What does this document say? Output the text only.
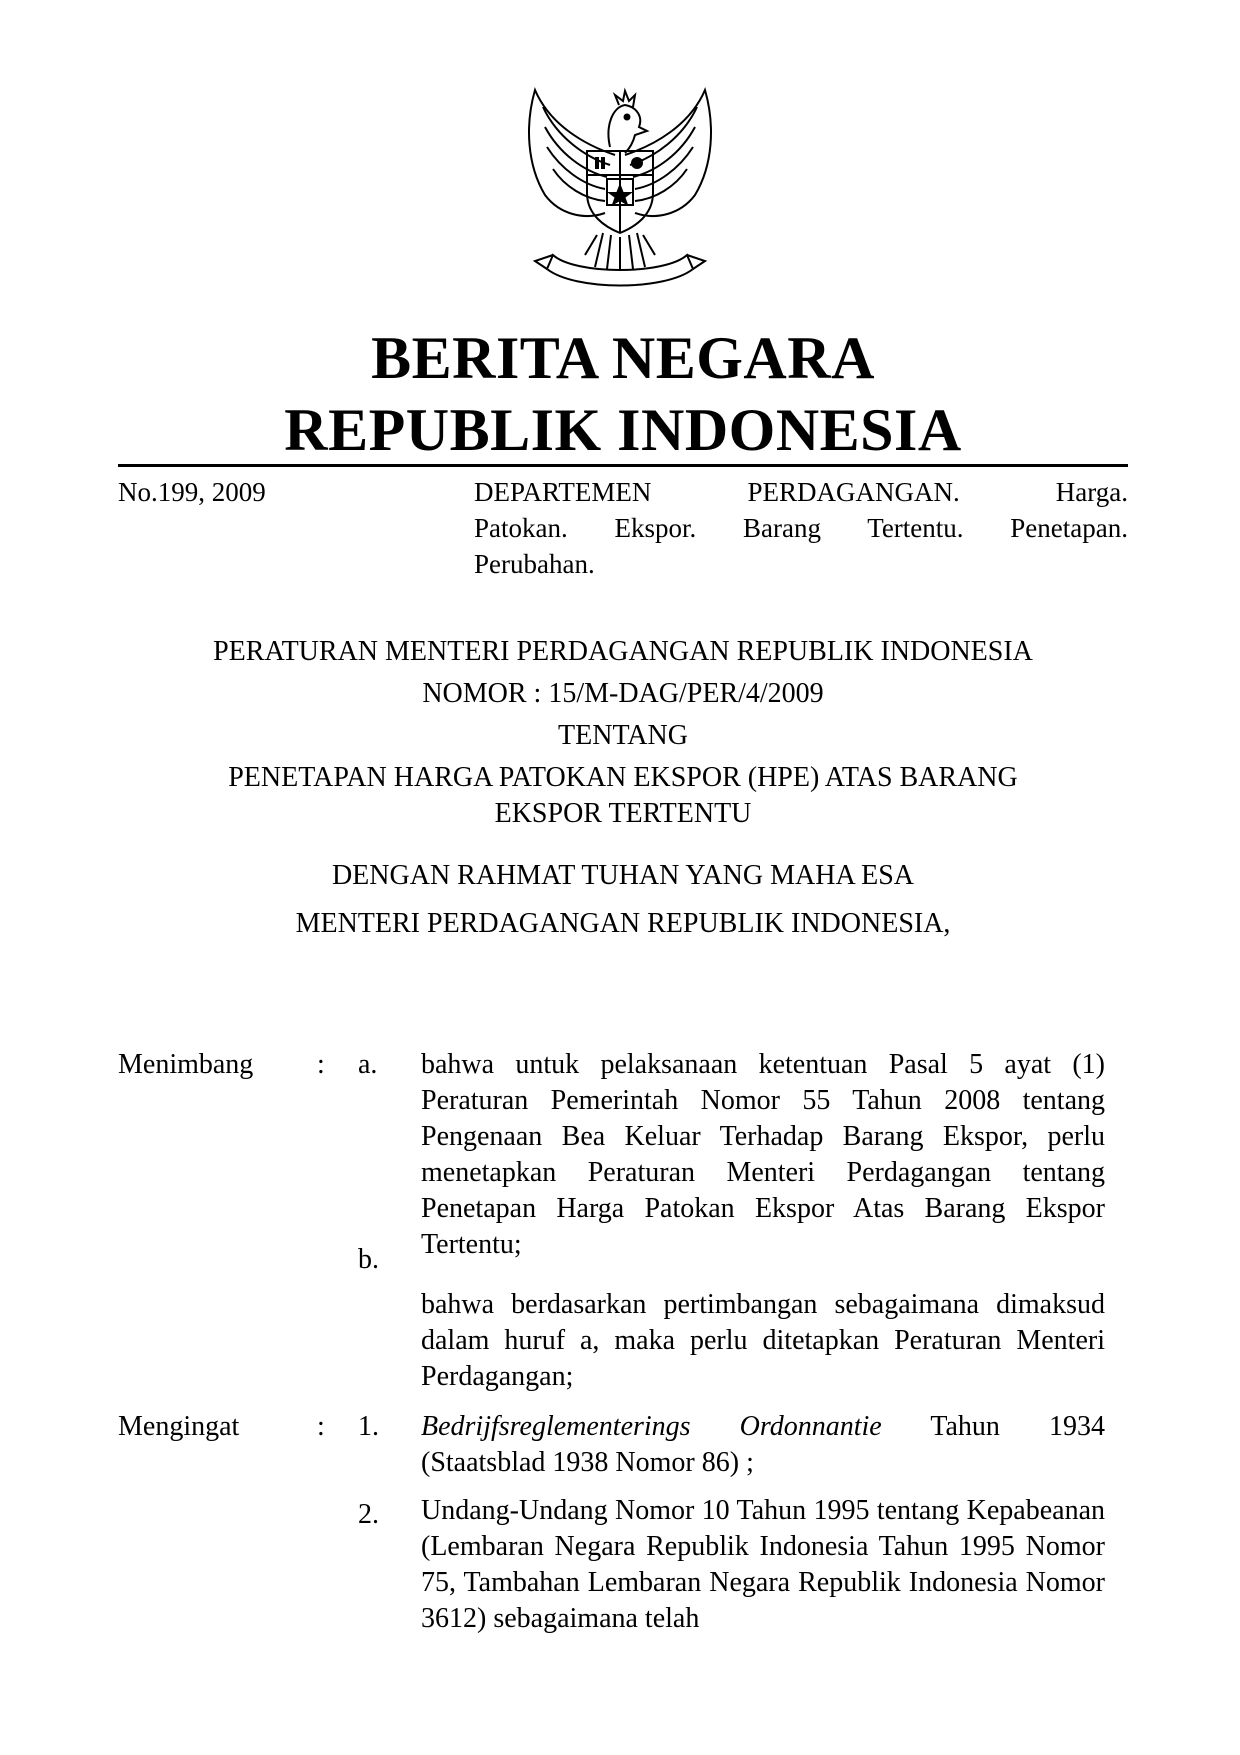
BERITA NEGARA
REPUBLIK INDONESIA
No.199, 2009	DEPARTEMEN PERDAGANGAN. Harga.
Patokan. Ekspor. Barang Tertentu. Penetapan.
Perubahan.
PERATURAN MENTERI PERDAGANGAN REPUBLIK INDONESIA
NOMOR : 15/M-DAG/PER/4/2009
TENTANG
PENETAPAN HARGA PATOKAN EKSPOR (HPE) ATAS BARANG
EKSPOR TERTENTU
DENGAN RAHMAT TUHAN YANG MAHA ESA
MENTERI PERDAGANGAN REPUBLIK INDONESIA,
Menimbang : a. bahwa untuk pelaksanaan ketentuan Pasal 5 ayat (1) Peraturan Pemerintah Nomor 55 Tahun 2008 tentang Pengenaan Bea Keluar Terhadap Barang Ekspor, perlu menetapkan Peraturan Menteri Perdagangan tentang Penetapan Harga Patokan Ekspor Atas Barang Ekspor Tertentu;
b.
bahwa berdasarkan pertimbangan sebagaimana dimaksud dalam huruf a, maka perlu ditetapkan Peraturan Menteri Perdagangan;
Mengingat	: 1. Bedrijfsreglementerings Ordonnantie Tahun 1934 (Staatsblad 1938 Nomor 86) ;
2. Undang-Undang Nomor 10 Tahun 1995 tentang Kepabeanan (Lembaran Negara Republik Indonesia Tahun 1995 Nomor 75, Tambahan Lembaran Negara Republik Indonesia Nomor 3612) sebagaimana telah
